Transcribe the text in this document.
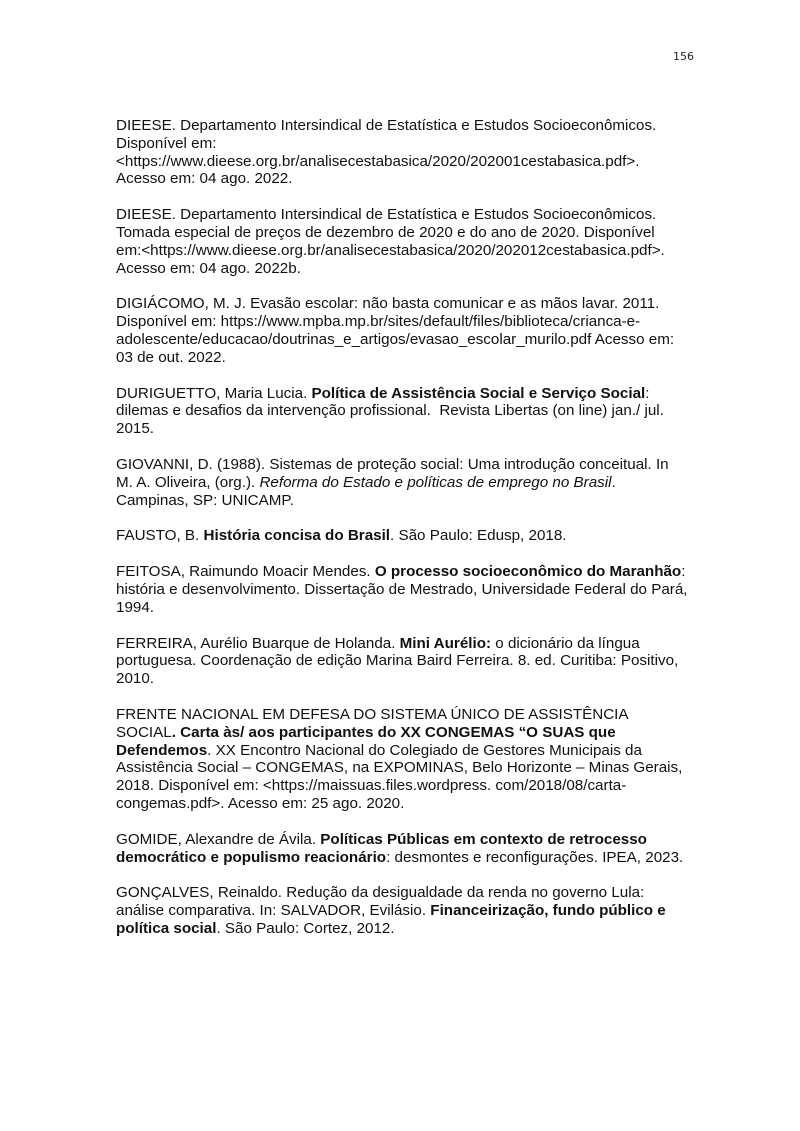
156
DIEESE. Departamento Intersindical de Estatística e Estudos Socioeconômicos.
Disponível em:
<https://www.dieese.org.br/analisecestabasica/2020/202001cestabasica.pdf>.
Acesso em: 04 ago. 2022.
DIEESE. Departamento Intersindical de Estatística e Estudos Socioeconômicos.
Tomada especial de preços de dezembro de 2020 e do ano de 2020. Disponível
em:<https://www.dieese.org.br/analisecestabasica/2020/202012cestabasica.pdf>.
Acesso em: 04 ago. 2022b.
DIGIÁCOMO, M. J. Evasão escolar: não basta comunicar e as mãos lavar. 2011.
Disponível em: https://www.mpba.mp.br/sites/default/files/biblioteca/crianca-e-
adolescente/educacao/doutrinas_e_artigos/evasao_escolar_murilo.pdf Acesso em:
03 de out. 2022.
DURIGUETTO, Maria Lucia. Política de Assistência Social e Serviço Social:
dilemas e desafios da intervenção profissional.  Revista Libertas (on line) jan./ jul.
2015.
GIOVANNI, D. (1988). Sistemas de proteção social: Uma introdução conceitual. In
M. A. Oliveira, (org.). Reforma do Estado e políticas de emprego no Brasil.
Campinas, SP: UNICAMP.
FAUSTO, B. História concisa do Brasil. São Paulo: Edusp, 2018.
FEITOSA, Raimundo Moacir Mendes. O processo socioeconômico do Maranhão:
história e desenvolvimento. Dissertação de Mestrado, Universidade Federal do Pará,
1994.
FERREIRA, Aurélio Buarque de Holanda. Mini Aurélio: o dicionário da língua
portuguesa. Coordenação de edição Marina Baird Ferreira. 8. ed. Curitiba: Positivo,
2010.
FRENTE NACIONAL EM DEFESA DO SISTEMA ÚNICO DE ASSISTÊNCIA
SOCIAL. Carta às/ aos participantes do XX CONGEMAS “O SUAS que
Defendemos. XX Encontro Nacional do Colegiado de Gestores Municipais da
Assistência Social – CONGEMAS, na EXPOMINAS, Belo Horizonte – Minas Gerais,
2018. Disponível em: <https://maissuas.files.wordpress. com/2018/08/carta-
congemas.pdf>. Acesso em: 25 ago. 2020.
GOMIDE, Alexandre de Ávila. Políticas Públicas em contexto de retrocesso
democrático e populismo reacionário: desmontes e reconfigurações. IPEA, 2023.
GONÇALVES, Reinaldo. Redução da desigualdade da renda no governo Lula:
análise comparativa. In: SALVADOR, Evilásio. Financeirização, fundo público e
política social. São Paulo: Cortez, 2012.
